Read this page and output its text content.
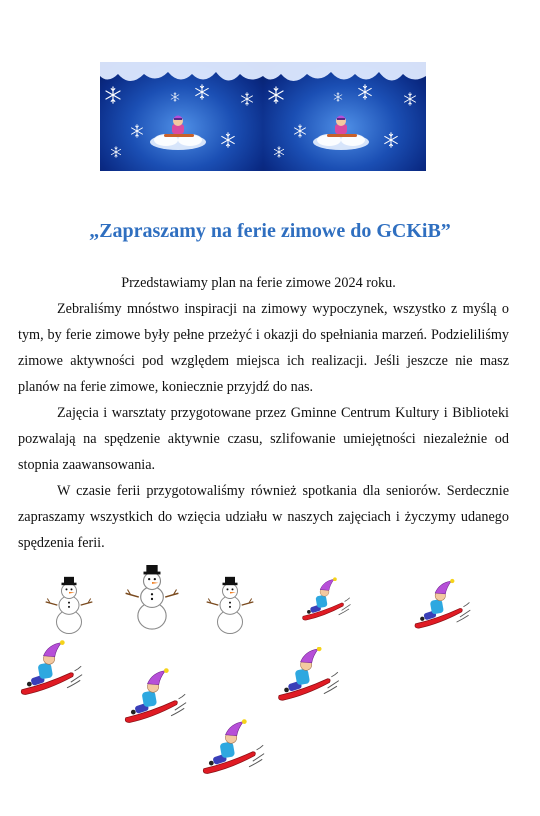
„Zapraszamy na ferie zimowe do GCKiB”

Przedstawiamy plan na ferie zimowe 2024 roku.

Zebraliśmy mnóstwo inspiracji na zimowy wypoczynek, wszystko z myślą o tym, by ferie zimowe były pełne przeżyć i okazji do spełniania marzeń. Podzieliliśmy zimowe aktywności pod względem miejsca ich realizacji. Jeśli jeszcze nie masz planów na ferie zimowe, koniecznie przyjdź do nas.

Zajęcia i warsztaty przygotowane przez Gminne Centrum Kultury i Biblioteki pozwalają na spędzenie aktywnie czasu, szlifowanie umiejętności niezależnie od stopnia zaawansowania.

W czasie ferii przygotowaliśmy również spotkania dla seniorów. Serdecznie zapraszamy wszystkich do wzięcia udziału w naszych zajęciach i życzymy udanego spędzenia ferii.
